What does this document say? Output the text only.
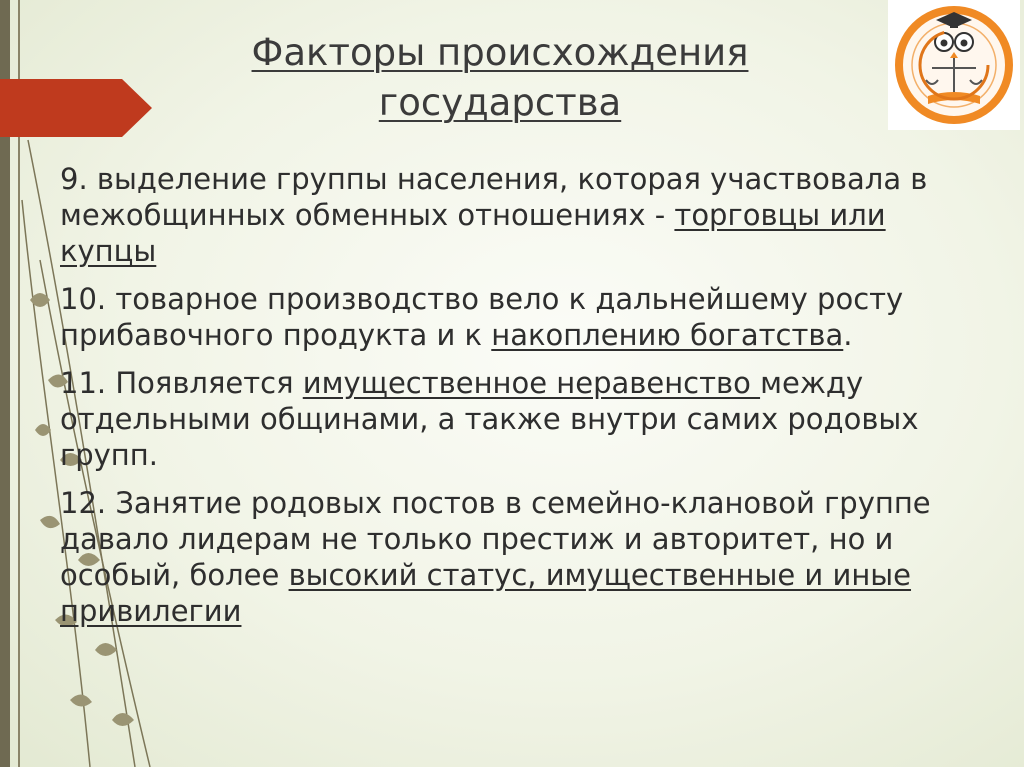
Факторы происхождения
государства

9. выделение группы населения, которая участвовала в межобщинных обменных отношениях - торговцы или купцы

10. товарное производство вело к дальнейшему росту прибавочного продукта и к накоплению богатства.

11. Появляется имущественное неравенство между отдельными общинами, а также внутри самих родовых групп.

12. Занятие родовых постов в семейно-клановой группе давало лидерам не только престиж и авторитет, но и особый, более высокий статус, имущественные и иные привилегии
